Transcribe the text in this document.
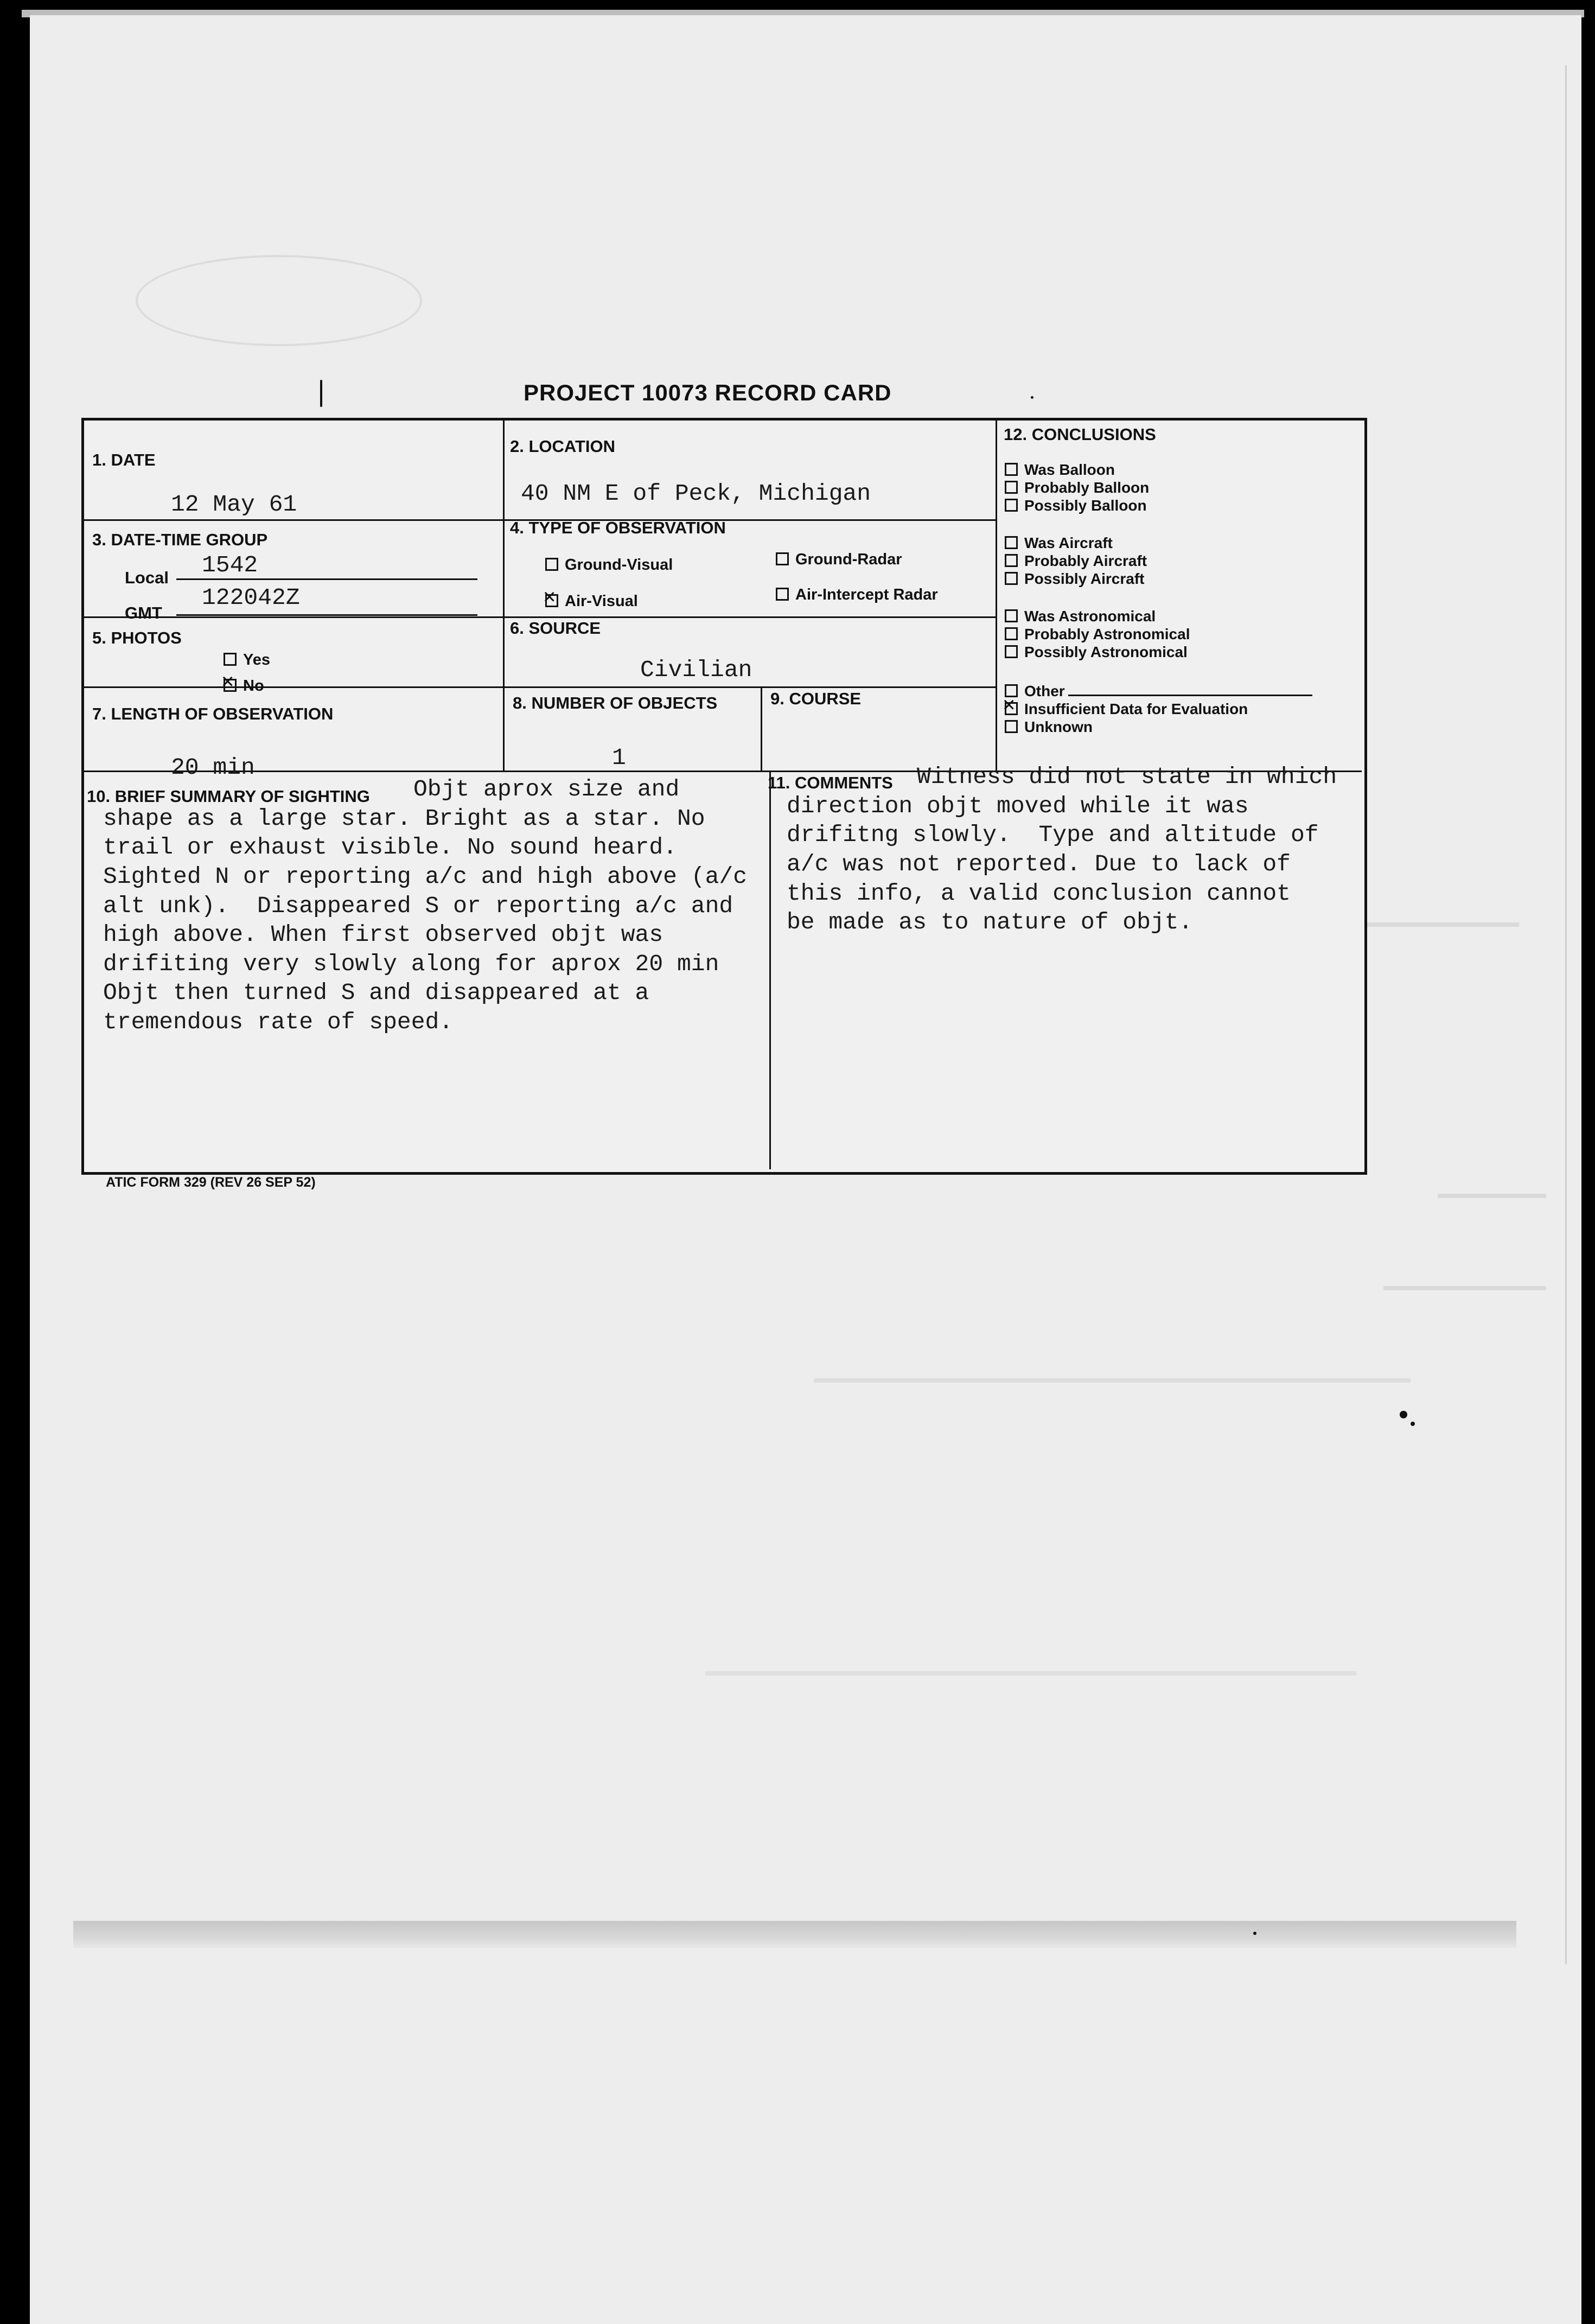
PROJECT 10073 RECORD CARD
1. DATE
12 May 61
2. LOCATION
40 NM E of Peck, Michigan
3. DATE-TIME GROUP
Local 1542
GMT
122042Z
4. TYPE OF OBSERVATION
Ground-Visual	Ground-Radar
×Air-Visual	Air-Intercept Radar
5. PHOTOS
Yes
×No
6. SOURCE
Civilian
7. LENGTH OF OBSERVATION
20 min
8. NUMBER OF OBJECTS
1
9. COURSE
12. CONCLUSIONS
Was Balloon
Probably Balloon
Possibly Balloon
Was Aircraft
Probably Aircraft
Possibly Aircraft
Was Astronomical
Probably Astronomical
Possibly Astronomical
Other
×Insufficient Data for Evaluation
Unknown
10. BRIEF SUMMARY OF SIGHTING Objt aprox size and
shape as a large star. Bright as a star. No
trail or exhaust visible. No sound heard.
Sighted N or reporting a/c and high above (a/c
alt unk).  Disappeared S or reporting a/c and
high above. When first observed objt was
drifiting very slowly along for aprox 20 min
Objt then turned S and disappeared at a
tremendous rate of speed.
11. COMMENTS Witness did not state in which
direction objt moved while it was
drifitng slowly.  Type and altitude of
a/c was not reported. Due to lack of
this info, a valid conclusion cannot
be made as to nature of objt.
ATIC FORM 329 (REV 26 SEP 52)
